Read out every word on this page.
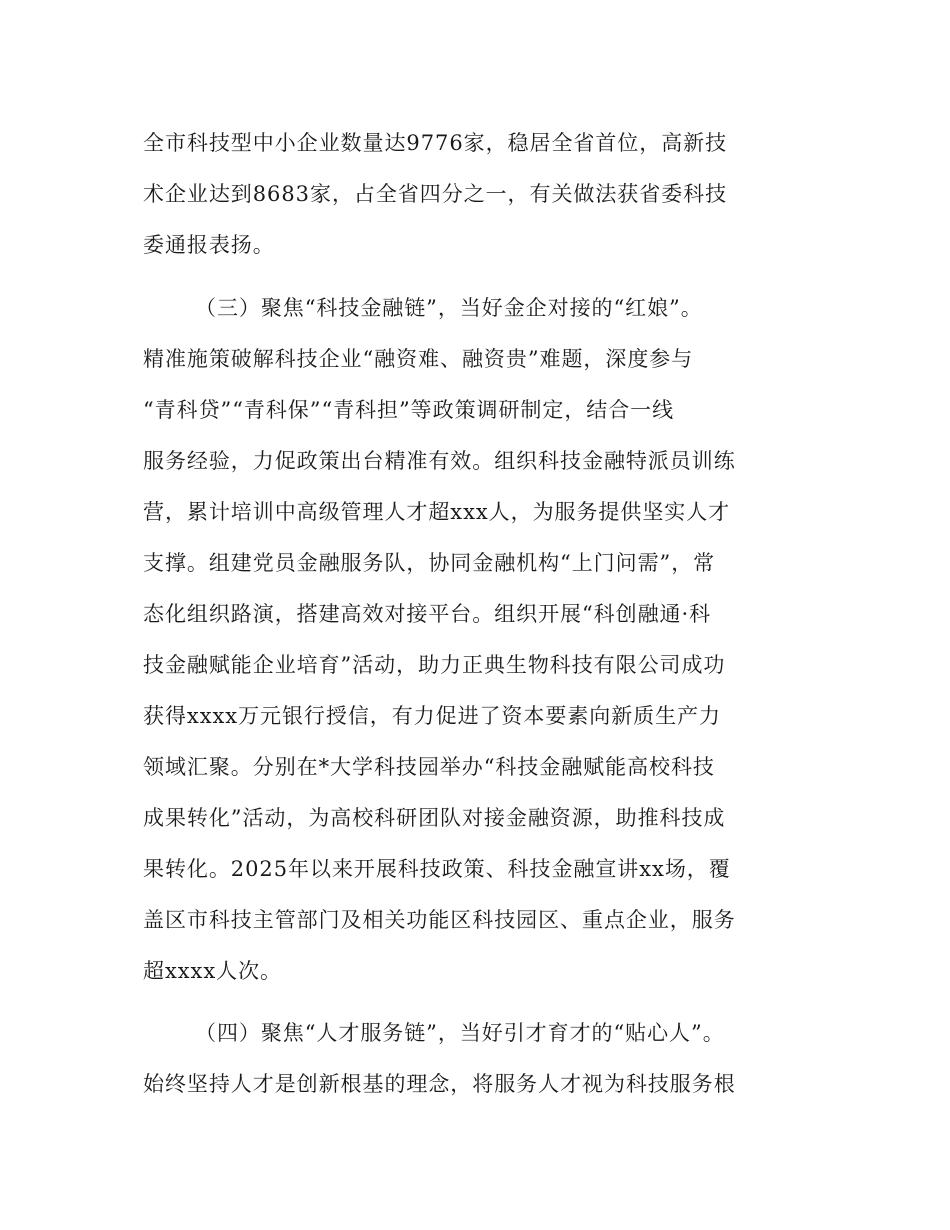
全市科技型中小企业数量达9776家，稳居全省首位，高新技
术企业达到8683家，占全省四分之一，有关做法获省委科技
委通报表扬。
（三）聚焦“科技金融链”，当好金企对接的“红娘”。
精准施策破解科技企业“融资难、融资贵”难题，深度参与
“青科贷”“青科保”“青科担”等政策调研制定，结合一线
服务经验，力促政策出台精准有效。组织科技金融特派员训练
营，累计培训中高级管理人才超xxx人，为服务提供坚实人才
支撑。组建党员金融服务队，协同金融机构“上门问需”，常
态化组织路演，搭建高效对接平台。组织开展“科创融通·科
技金融赋能企业培育”活动，助力正典生物科技有限公司成功
获得xxxx万元银行授信，有力促进了资本要素向新质生产力
领域汇聚。分别在*大学科技园举办“科技金融赋能高校科技
成果转化”活动，为高校科研团队对接金融资源，助推科技成
果转化。2025年以来开展科技政策、科技金融宣讲xx场，覆
盖区市科技主管部门及相关功能区科技园区、重点企业，服务
超xxxx人次。
（四）聚焦“人才服务链”，当好引才育才的“贴心人”。
始终坚持人才是创新根基的理念，将服务人才视为科技服务根
